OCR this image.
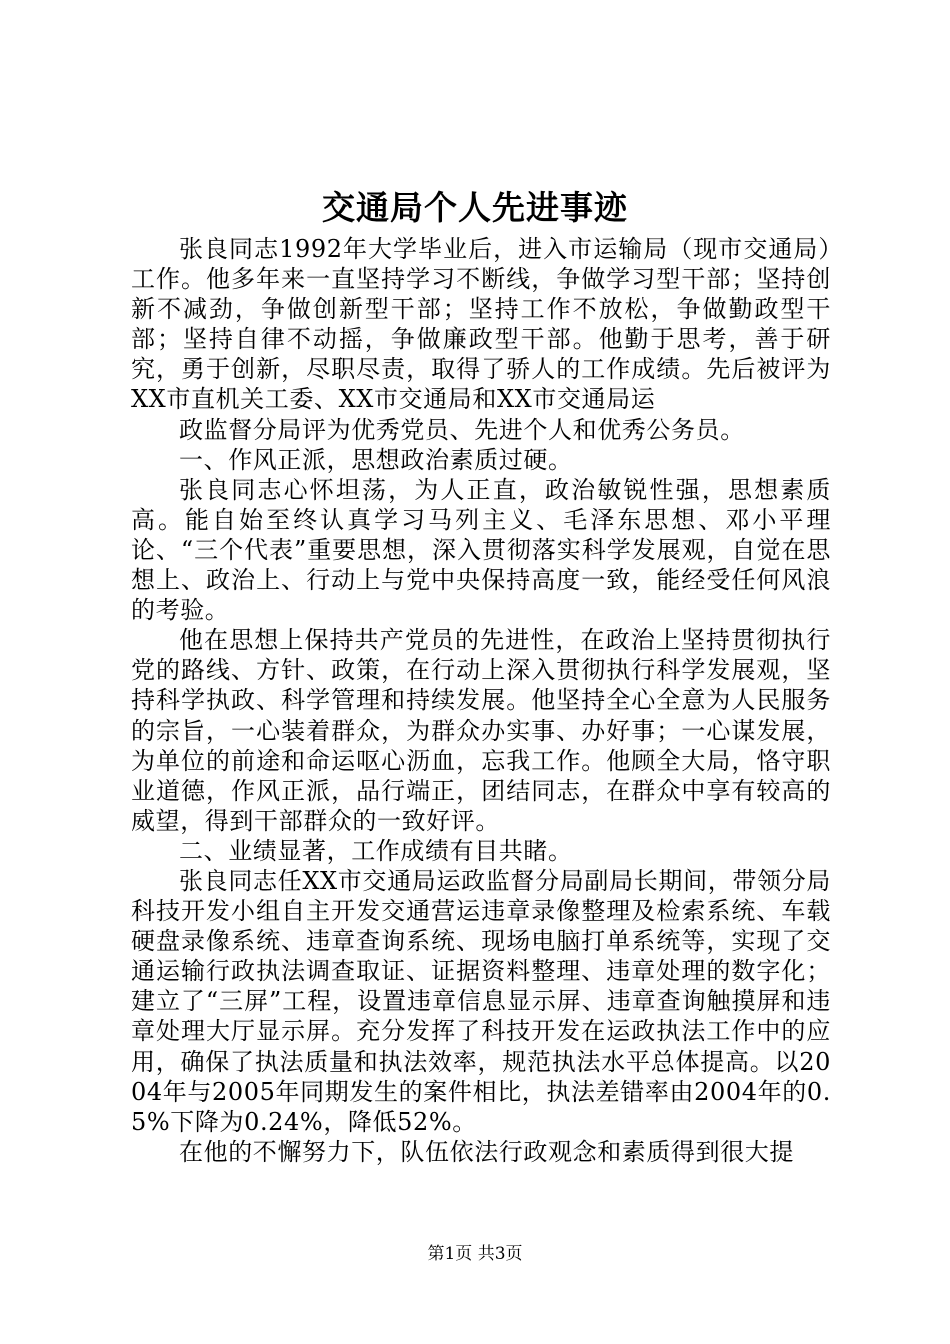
交通局个人先进事迹

张良同志1992年大学毕业后，进入市运输局（现市交通局）工作。他多年来一直坚持学习不断线，争做学习型干部；坚持创新不减劲，争做创新型干部；坚持工作不放松，争做勤政型干部；坚持自律不动摇，争做廉政型干部。他勤于思考，善于研究，勇于创新，尽职尽责，取得了骄人的工作成绩。先后被评为XX市直机关工委、XX市交通局和XX市交通局运

政监督分局评为优秀党员、先进个人和优秀公务员。

一、作风正派，思想政治素质过硬。

张良同志心怀坦荡，为人正直，政治敏锐性强，思想素质高。能自始至终认真学习马列主义、毛泽东思想、邓小平理论、“三个代表”重要思想，深入贯彻落实科学发展观，自觉在思想上、政治上、行动上与党中央保持高度一致，能经受任何风浪的考验。

他在思想上保持共产党员的先进性，在政治上坚持贯彻执行党的路线、方针、政策，在行动上深入贯彻执行科学发展观，坚持科学执政、科学管理和持续发展。他坚持全心全意为人民服务的宗旨，一心装着群众，为群众办实事、办好事；一心谋发展，为单位的前途和命运呕心沥血，忘我工作。他顾全大局，恪守职业道德，作风正派，品行端正，团结同志，在群众中享有较高的威望，得到干部群众的一致好评。

二、业绩显著，工作成绩有目共睹。

张良同志任XX市交通局运政监督分局副局长期间，带领分局科技开发小组自主开发交通营运违章录像整理及检索系统、车载硬盘录像系统、违章查询系统、现场电脑打单系统等，实现了交通运输行政执法调查取证、证据资料整理、违章处理的数字化；建立了“三屏”工程，设置违章信息显示屏、违章查询触摸屏和违章处理大厅显示屏。充分发挥了科技开发在运政执法工作中的应用，确保了执法质量和执法效率，规范执法水平总体提高。以2004年与2005年同期发生的案件相比，执法差错率由2004年的0.5%下降为0.24%，降低52%。

在他的不懈努力下，队伍依法行政观念和素质得到很大提

第1页 共3页
